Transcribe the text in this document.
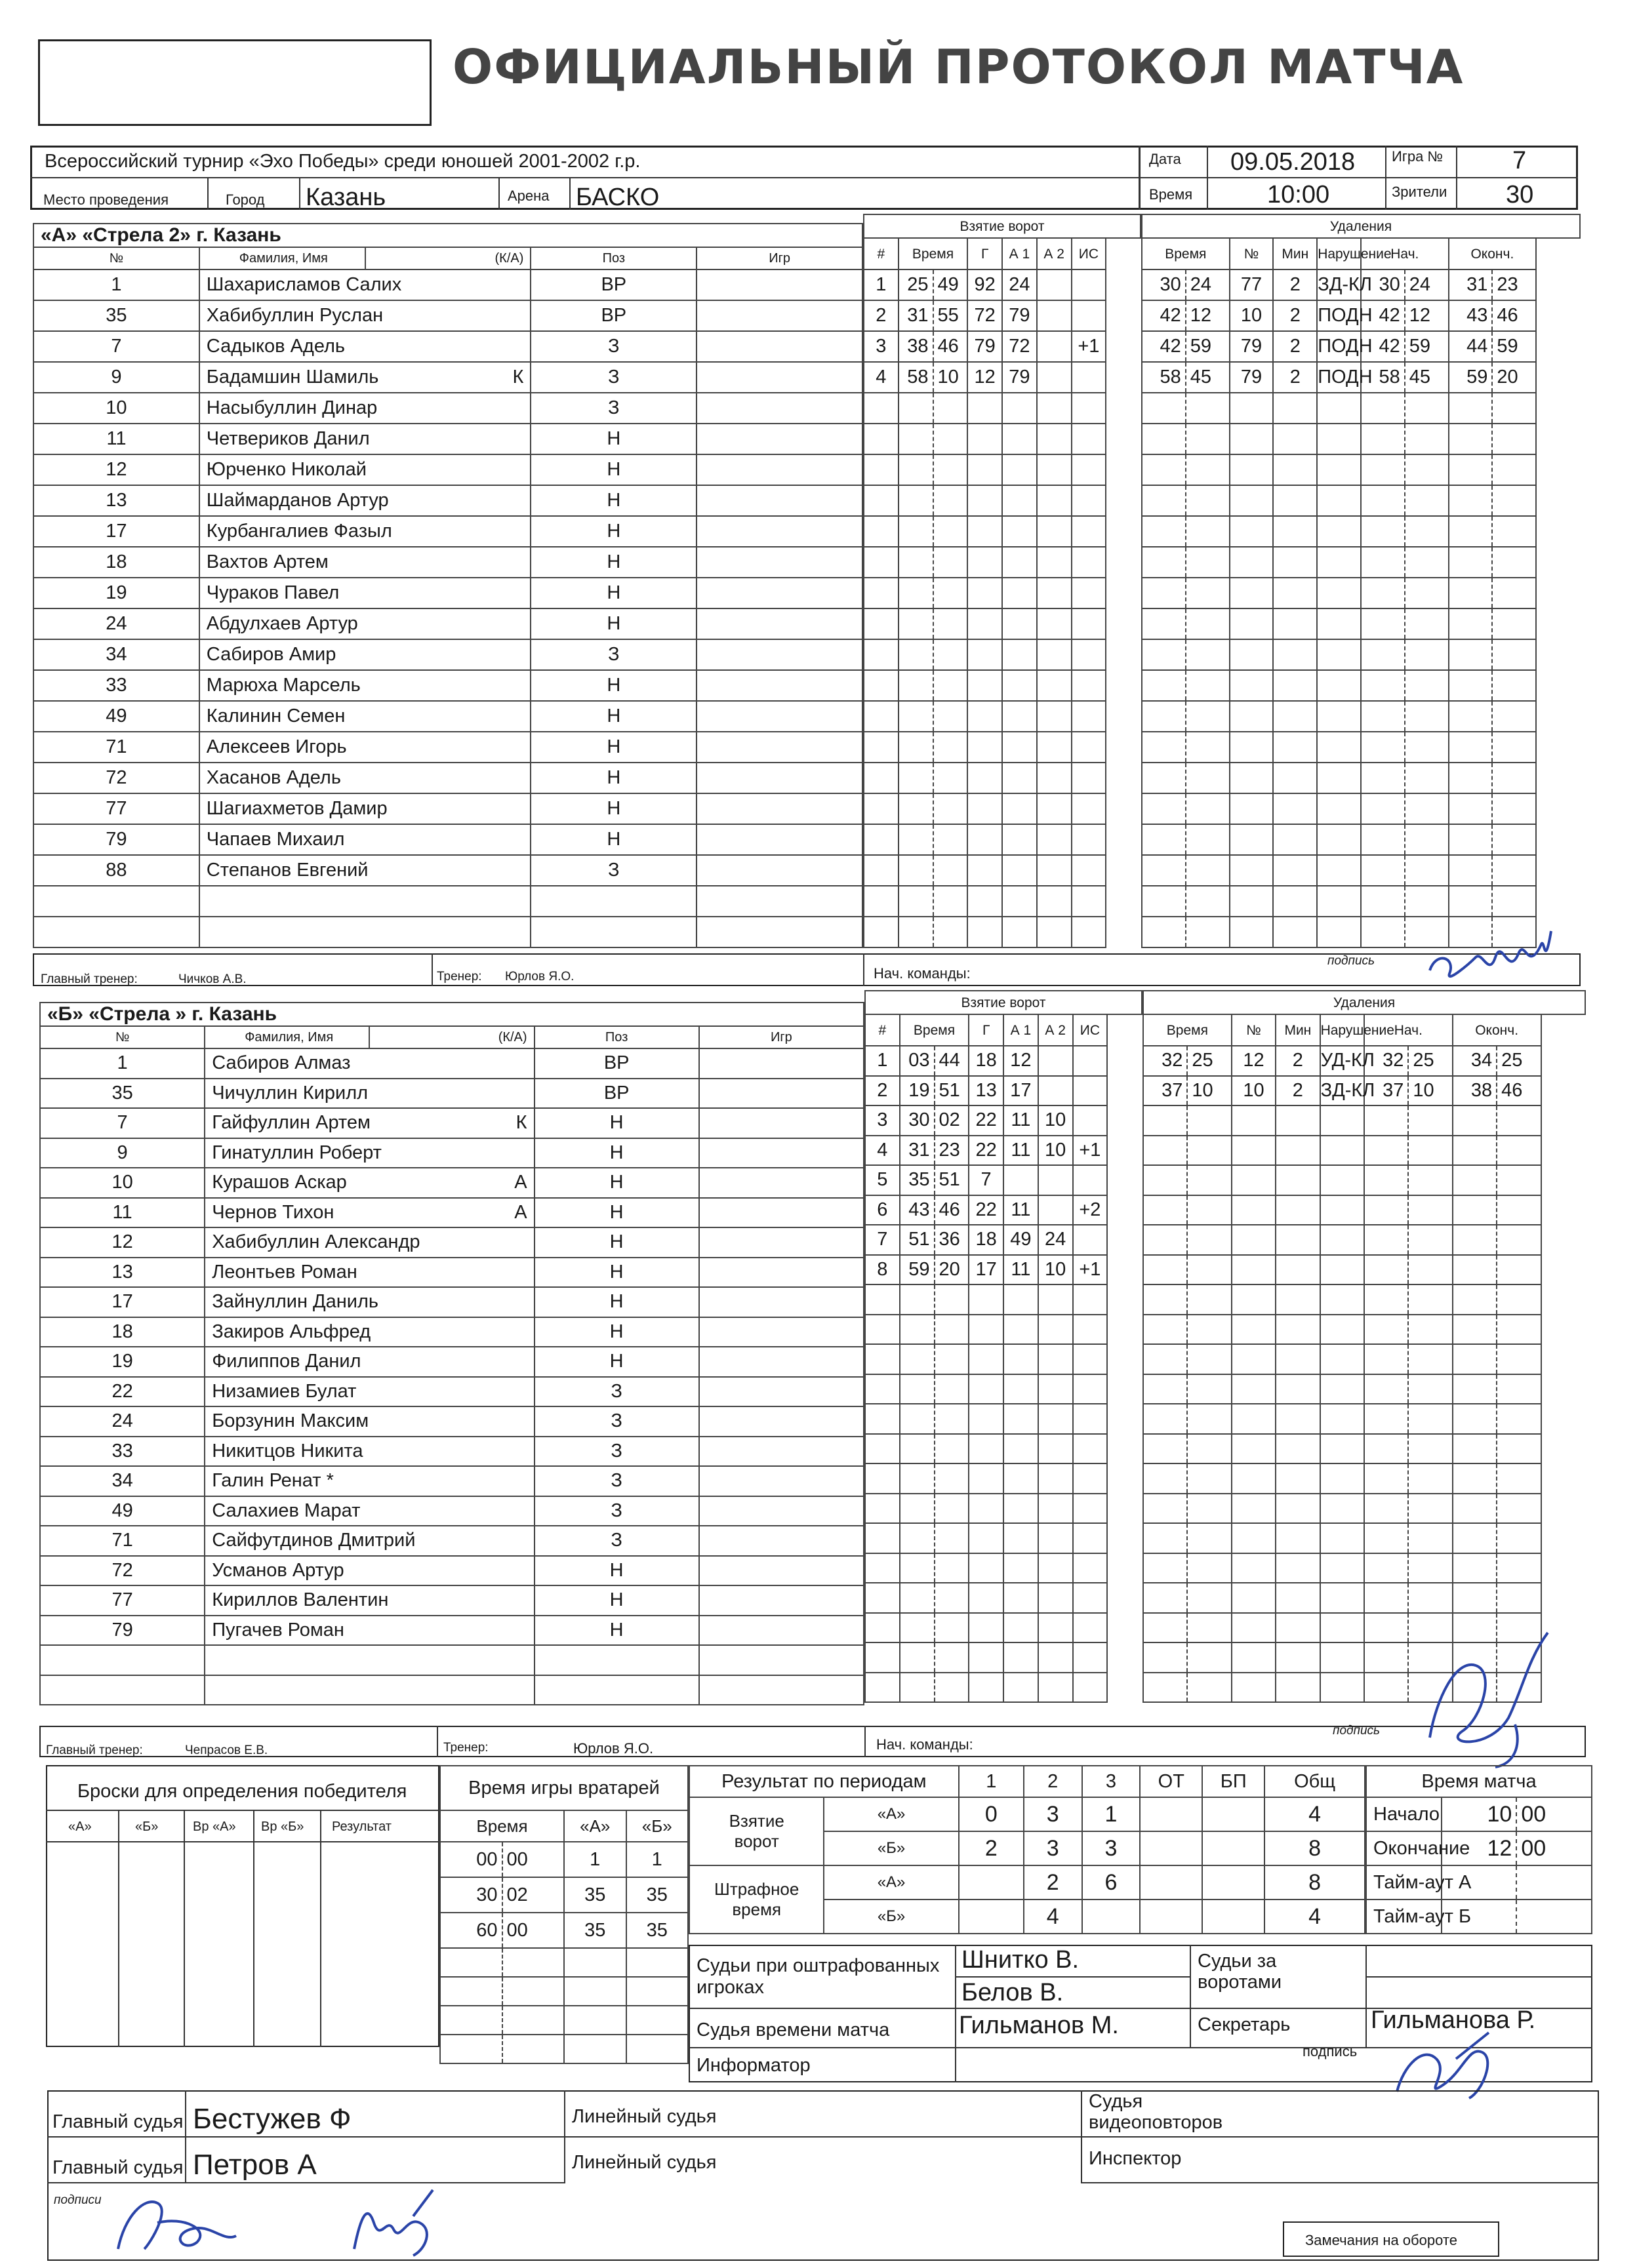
ОФИЦИАЛЬНЫЙ ПРОТОКОЛ МАТЧА
Всероссийский турнир «Эхо Победы» среди юношей 2001-2002 г.р.
Место проведения	Город Казань	Арена БАСКО
Дата 09.05.2018
Время	10:00
Игра №	7
Зрители 30
«А» «Стрела 2» г. Казань				
№	Фамилия, Имя	(К/А)	Поз	Игр
1	Шахарисламов Салих		ВР	
35	Хабибуллин Руслан		ВР	
7	Садыков Адель		З	
9	Бадамшин Шамиль	К	З	
10	Насыбуллин Динар		З	
11	Четвериков Данил		Н	
12	Юрченко Николай		Н	
13	Шаймарданов Артур		Н	
17	Курбангалиев Фазыл		Н	
18	Вахтов Артем		Н	
19	Чураков Павел		Н	
24	Абдулхаев Артур		Н	
34	Сабиров Амир		З	
33	Марюха Марсель		Н	
49	Калинин Семен		Н	
71	Алексеев Игорь		Н	
72	Хасанов Адель		Н	
77	Шагиахметов Дамир		Н	
79	Чапаев Михаил		Н	
88	Степанов Евгений		З	

Взятие ворот						
#	Время		Г	А 1	А 2	ИС
1	25	49	92	24		
2	31	55	72	79		
3	38	46	79	72		+1
4	58	10	12	79		

Удаления								
Время		№	Мин	Нарушение	Нач.		Оконч.	
30	24	77	2	ЗД-КЛ	30	24	31	23
42	12	10	2	ПОДН	42	12	43	46
42	59	79	2	ПОДН	42	59	44	59
58	45	79	2	ПОДН	58	45	59	20

Главный тренер:	Чичков А.В.	Тренер: Юрлов Я.О.	Нач. команды:
подпись
«Б» «Стрела » г. Казань				
№	Фамилия, Имя	(К/А)	Поз	Игр
1	Сабиров Алмаз		ВР	
35	Чичуллин Кирилл		ВР	
7	Гайфуллин Артем	К	Н	
9	Гинатуллин Роберт		Н	
10	Курашов Аскар	А	Н	
11	Чернов Тихон	А	Н	
12	Хабибуллин Александр		Н	
13	Леонтьев Роман		Н	
17	Зайнуллин Даниль		Н	
18	Закиров Альфред		Н	
19	Филиппов Данил		Н	
22	Низамиев Булат		З	
24	Борзунин Максим		З	
33	Никитцов Никита		З	
34	Галин Ренат *		З	
49	Салахиев Марат		З	
71	Сайфутдинов Дмитрий		З	
72	Усманов Артур		Н	
77	Кириллов Валентин		Н	
79	Пугачев Роман		Н	

Взятие ворот						
#	Время		Г	А 1	А 2	ИС
1	03	44	18	12		
2	19	51	13	17		
3	30	02	22	11	10	
4	31	23	22	11	10	+1
5	35	51	7			
6	43	46	22	11		+2
7	51	36	18	49	24	
8	59	20	17	11	10	+1

Удаления								
Время		№	Мин	Нарушение	Нач.		Оконч.	
32	25	12	2	УД-КЛ	32	25	34	25
37	10	10	2	ЗД-КЛ	37	10	38	46

Главный тренер:	Чепрасов Е.В.	Тренер:	Юрлов Я.О.	Нач. команды:
подпись
Броски для определения победителя
«А»	«Б»	Вр «А» Вр «Б» Результат
Время игры вратарей			
Время		«А»	«Б»
00	00	1	1
30	02	35	35
60	00	35	35

Результат по периодам		1	2	3	ОТ	БП	Общ
Взятие ворот	«А»	0	3	1			4
	«Б»	2	3	3			8
Штрафное время	«А»		2	6			8
	«Б»		4				4
Время матча		
Начало	10	00
Окончание	12	00
Тайм-аут А		
Тайм-аут Б		
Судьи при оштрафованных игроках
Шнитко В.
Белов В.
Судьи за воротами
Судья времени матча	Гильманов М.	Секретарь	Гильманова Р.
Информатор
подпись
Главный судья Бестужев Ф
Главный судья Петров А
Линейный судья
Линейный судья
Судья видеоповторов
Инспектор
подписи
Замечания на обороте
